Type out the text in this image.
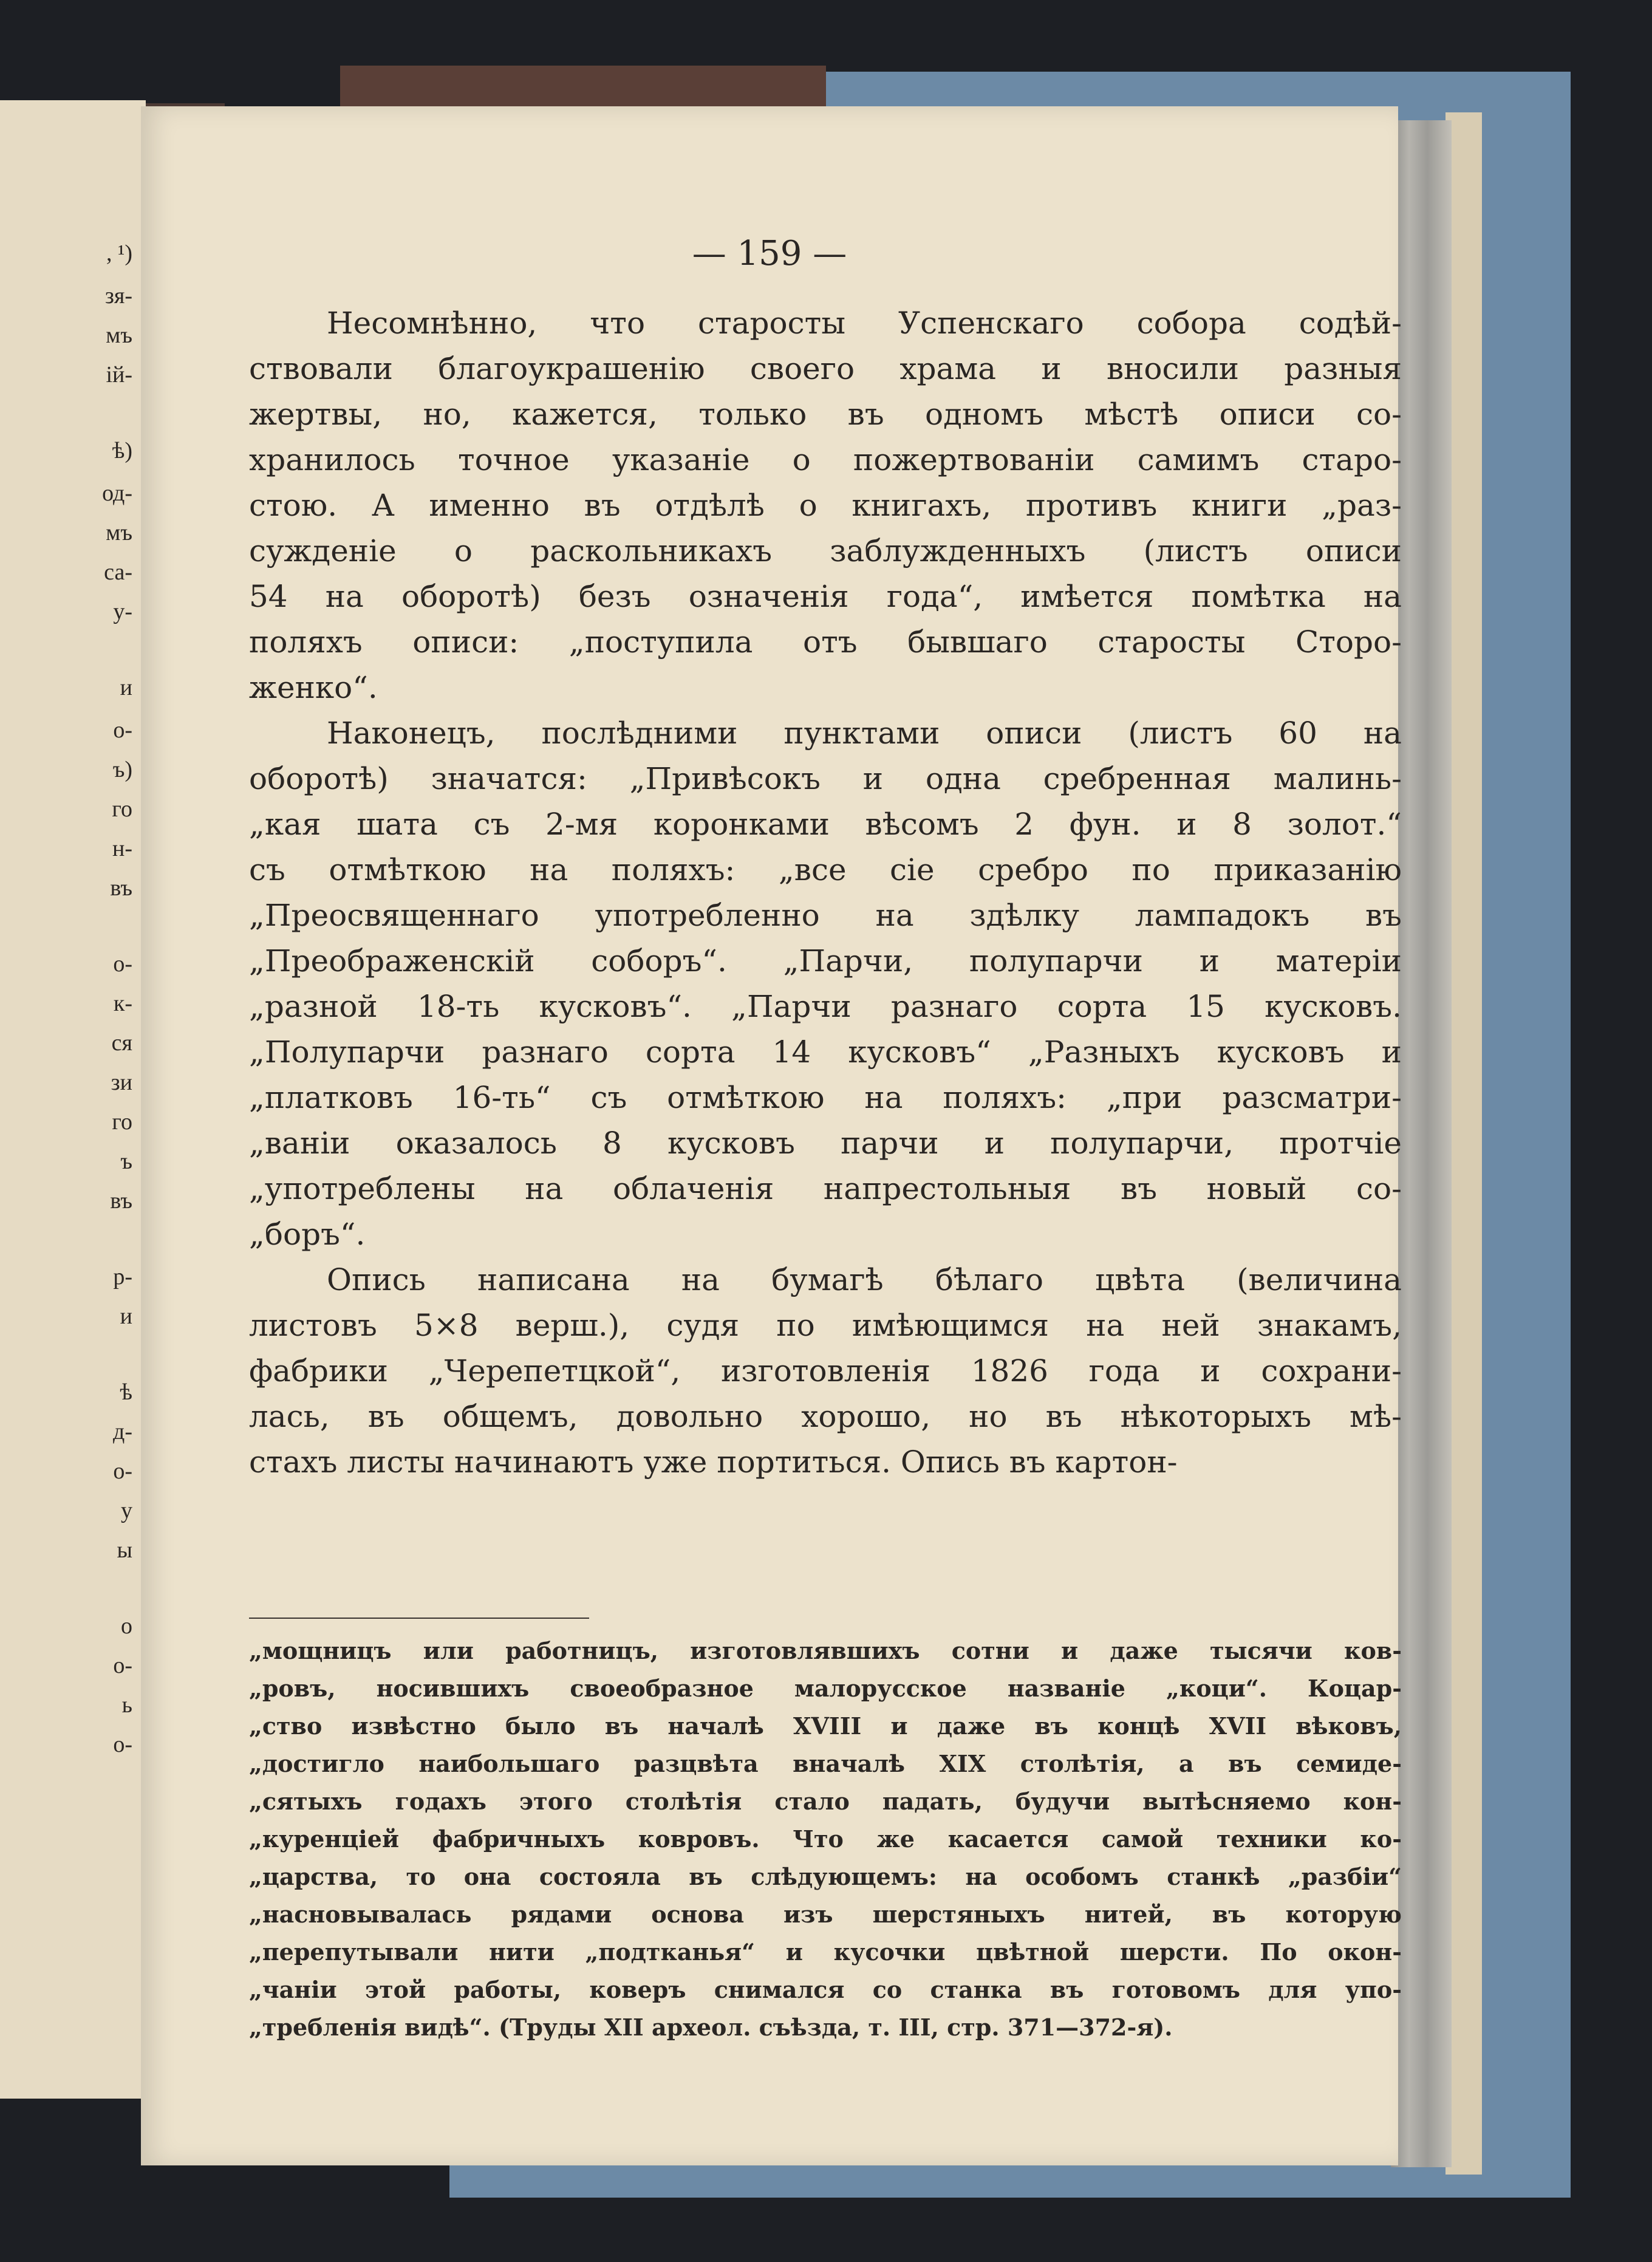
, ¹)
зя-
мъ
ій-
ѣ)
од-
мъ
са-
у-
и
о-
ъ)
го
н-
въ
о-
к-
ся
зи
го
ъ
въ
р-
и
ѣ
д-
о-
у
ы
о
о-
ь
о-
— 159 —
Несомнѣнно, что старосты Успенскаго собора содѣй-
ствовали благоукрашенію своего храма и вносили разныя
жертвы, но, кажется, только въ одномъ мѣстѣ описи со-
хранилось точное указаніе о пожертвованіи самимъ старо-
стою. А именно въ отдѣлѣ о книгахъ, противъ книги „раз-
сужденіе о раскольникахъ заблужденныхъ (листъ описи
54 на оборотѣ) безъ означенія года“, имѣется помѣтка на
поляхъ описи: „поступила отъ бывшаго старосты Сторо-
женко“.
Наконецъ, послѣдними пунктами описи (листъ 60 на
оборотѣ) значатся: „Привѣсокъ и одна сребренная малинь-
„кая шата съ 2-мя коронками вѣсомъ 2 фун. и 8 золот.“
съ отмѣткою на поляхъ: „все сіе сребро по приказанію
„Преосвященнаго употребленно на здѣлку лампадокъ въ
„Преображенскій соборъ“. „Парчи, полупарчи и матеріи
„разной 18-ть кусковъ“. „Парчи разнаго сорта 15 кусковъ.
„Полупарчи разнаго сорта 14 кусковъ“ „Разныхъ кусковъ и
„платковъ 16-ть“ съ отмѣткою на поляхъ: „при разсматри-
„ваніи оказалось 8 кусковъ парчи и полупарчи, протчіе
„употреблены на облаченія напрестольныя въ новый со-
„боръ“.
Опись написана на бумагѣ бѣлаго цвѣта (величина
листовъ 5×8 верш.), судя по имѣющимся на ней знакамъ,
фабрики „Черепетцкой“, изготовленія 1826 года и сохрани-
лась, въ общемъ, довольно хорошо, но въ нѣкоторыхъ мѣ-
стахъ листы начинаютъ уже портиться. Опись въ картон-
„мощницъ или работницъ, изготовлявшихъ сотни и даже тысячи ков-
„ровъ, носившихъ своеобразное малорусское названіе „коци“. Коцар-
„ство извѣстно было въ началѣ XVIII и даже въ концѣ XVII вѣковъ,
„достигло наибольшаго разцвѣта вначалѣ XIX столѣтія, а въ семиде-
„сятыхъ годахъ этого столѣтія стало падать, будучи вытѣсняемо кон-
„куренціей фабричныхъ ковровъ. Что же касается самой техники ко-
„царства, то она состояла въ слѣдующемъ: на особомъ станкѣ „разбіи“
„насновывалась рядами основа изъ шерстяныхъ нитей, въ которую
„перепутывали нити „подтканья“ и кусочки цвѣтной шерсти. По окон-
„чаніи этой работы, коверъ снимался со станка въ готовомъ для упо-
„требленія видѣ“. (Труды XII археол. съѣзда, т. III, стр. 371—372-я).
